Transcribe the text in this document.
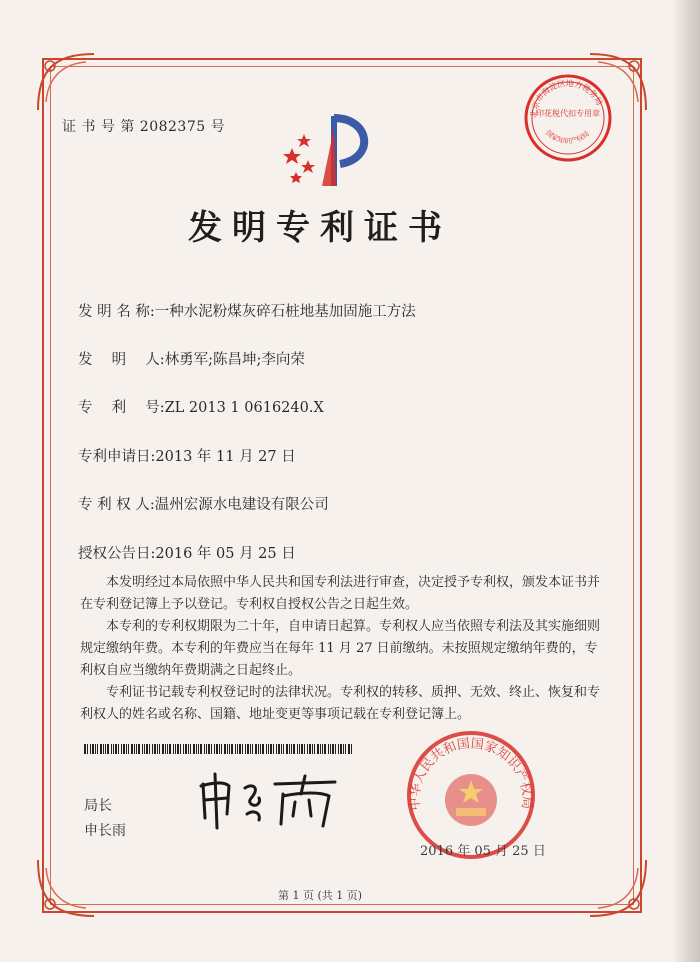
证 书 号 第 2082375 号
北京市海淀区地方税务局
印花税代扣专用章
国家知识产权局
发明专利证书
发 明 名 称:一种水泥粉煤灰碎石桩地基加固施工方法
发　 明　 人:林勇军;陈昌坤;李向荣
专　 利　 号:ZL 2013 1 0616240.X
专利申请日:2013 年 11 月 27 日
专 利 权 人:温州宏源水电建设有限公司
授权公告日:2016 年 05 月 25 日

本发明经过本局依照中华人民共和国专利法进行审查，决定授予专利权，颁发本证书并在专利登记簿上予以登记。专利权自授权公告之日起生效。

本专利的专利权期限为二十年，自申请日起算。专利权人应当依照专利法及其实施细则规定缴纳年费。本专利的年费应当在每年 11 月 27 日前缴纳。未按照规定缴纳年费的，专利权自应当缴纳年费期满之日起终止。

专利证书记载专利权登记时的法律状况。专利权的转移、质押、无效、终止、恢复和专利权人的姓名或名称、国籍、地址变更等事项记载在专利登记簿上。

局长
申长雨
中华人民共和国国家知识产权局
2016 年 05 月 25 日
第 1 页 (共 1 页)
